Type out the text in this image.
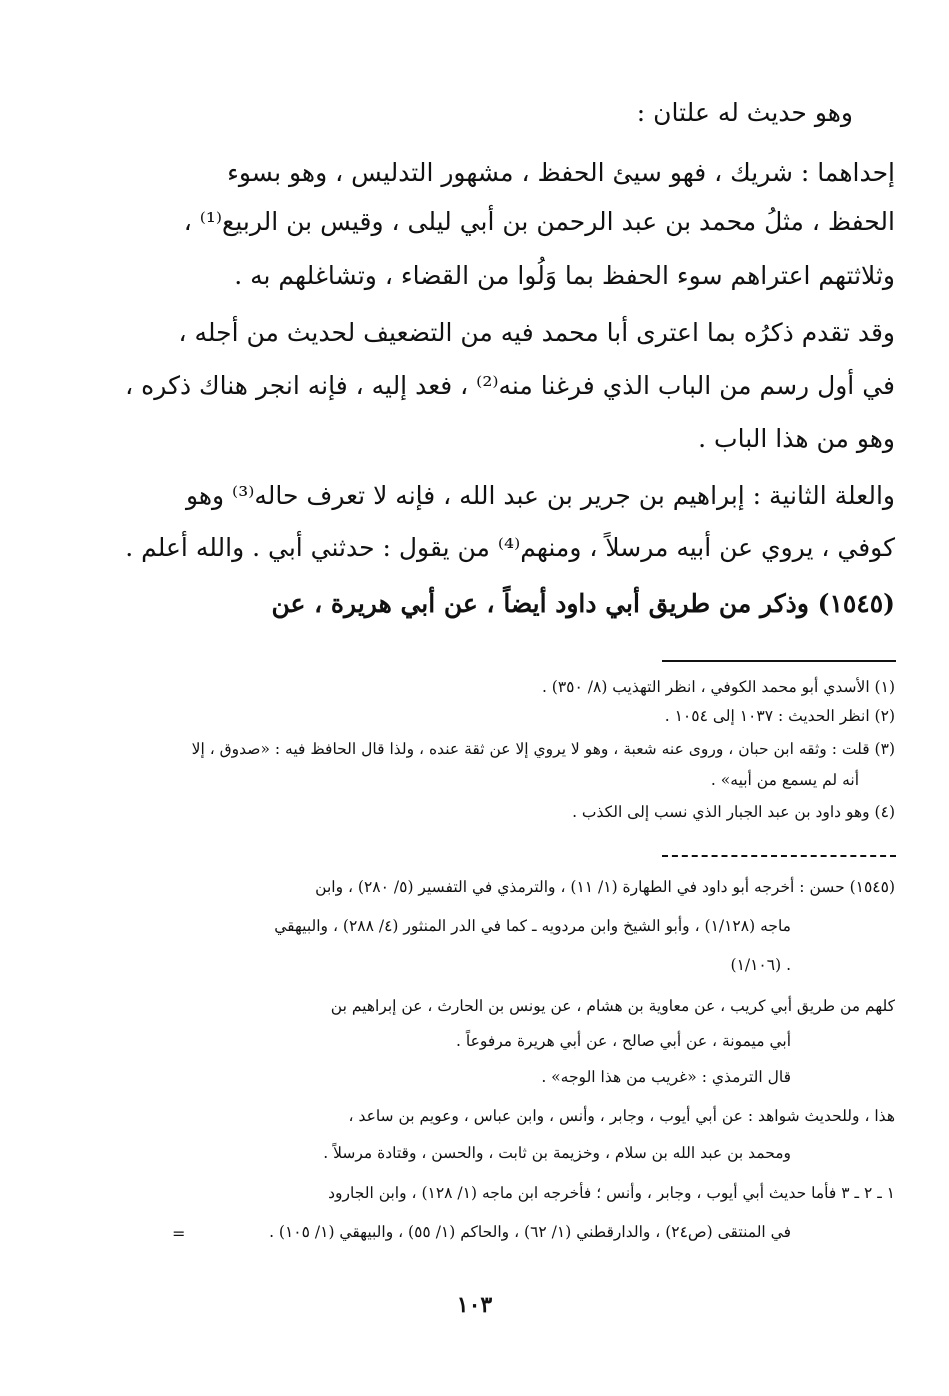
وهو حديث له علتان :
إحداهما : شريك ، فهو سيئ الحفظ ، مشهور التدليس ، وهو بسوء
الحفظ ، مثلُ محمد بن عبد الرحمن بن أبي ليلى ، وقيس بن الربيع⁽¹⁾ ،
وثلاثتهم اعتراهم سوء الحفظ بما وَلُوا من القضاء ، وتشاغلهم به .
وقد تقدم ذكرُه بما اعترى أبا محمد فيه من التضعيف لحديث من أجله ،
في أول رسم من الباب الذي فرغنا منه⁽²⁾ ، فعد إليه ، فإنه انجر هناك ذكره ،
وهو من هذا الباب .
والعلة الثانية : إبراهيم بن جرير بن عبد الله ، فإنه لا تعرف حاله⁽³⁾ وهو
كوفي ، يروي عن أبيه مرسلاً ، ومنهم⁽⁴⁾ من يقول : حدثني أبي . والله أعلم .
(١٥٤٥) وذكر من طريق أبي داود أيضاً ، عن أبي هريرة ، عن
(١) الأسدي أبو محمد الكوفي ، انظر التهذيب (٨/ ٣٥٠) .
(٢) انظر الحديث : ١٠٣٧ إلى ١٠٥٤ .
(٣) قلت : وثقه ابن حبان ، وروى عنه شعبة ، وهو لا يروي إلا عن ثقة عنده ، ولذا قال الحافظ فيه : «صدوق ، إلا
أنه لم يسمع من أبيه» .
(٤) وهو داود بن عبد الجبار الذي نسب إلى الكذب .
(١٥٤٥) حسن : أخرجه أبو داود في الطهارة (١/ ١١) ، والترمذي في التفسير (٥/ ٢٨٠) ، وابن
ماجه (١/١٢٨) ، وأبو الشيخ وابن مردويه ـ كما في الدر المنثور (٤/ ٢٨٨) ، والبيهقي
(١/١٠٦) .
كلهم من طريق أبي كريب ، عن معاوية بن هشام ، عن يونس بن الحارث ، عن إبراهيم بن
أبي ميمونة ، عن أبي صالح ، عن أبي هريرة مرفوعاً .
قال الترمذي : «غريب من هذا الوجه» .
هذا ، وللحديث شواهد : عن أبي أيوب ، وجابر ، وأنس ، وابن عباس ، وعويم بن ساعد ،
ومحمد بن عبد الله بن سلام ، وخزيمة بن ثابت ، والحسن ، وقتادة مرسلاً .
١ ـ ٢ ـ ٣ فأما حديث أبي أيوب ، وجابر ، وأنس ؛ فأخرجه ابن ماجه (١/ ١٢٨) ، وابن الجارود
في المنتقى (ص٢٤) ، والدارقطني (١/ ٦٢) ، والحاكم (١/ ٥٥) ، والبيهقي (١/ ١٠٥) .
=
١٠٣
